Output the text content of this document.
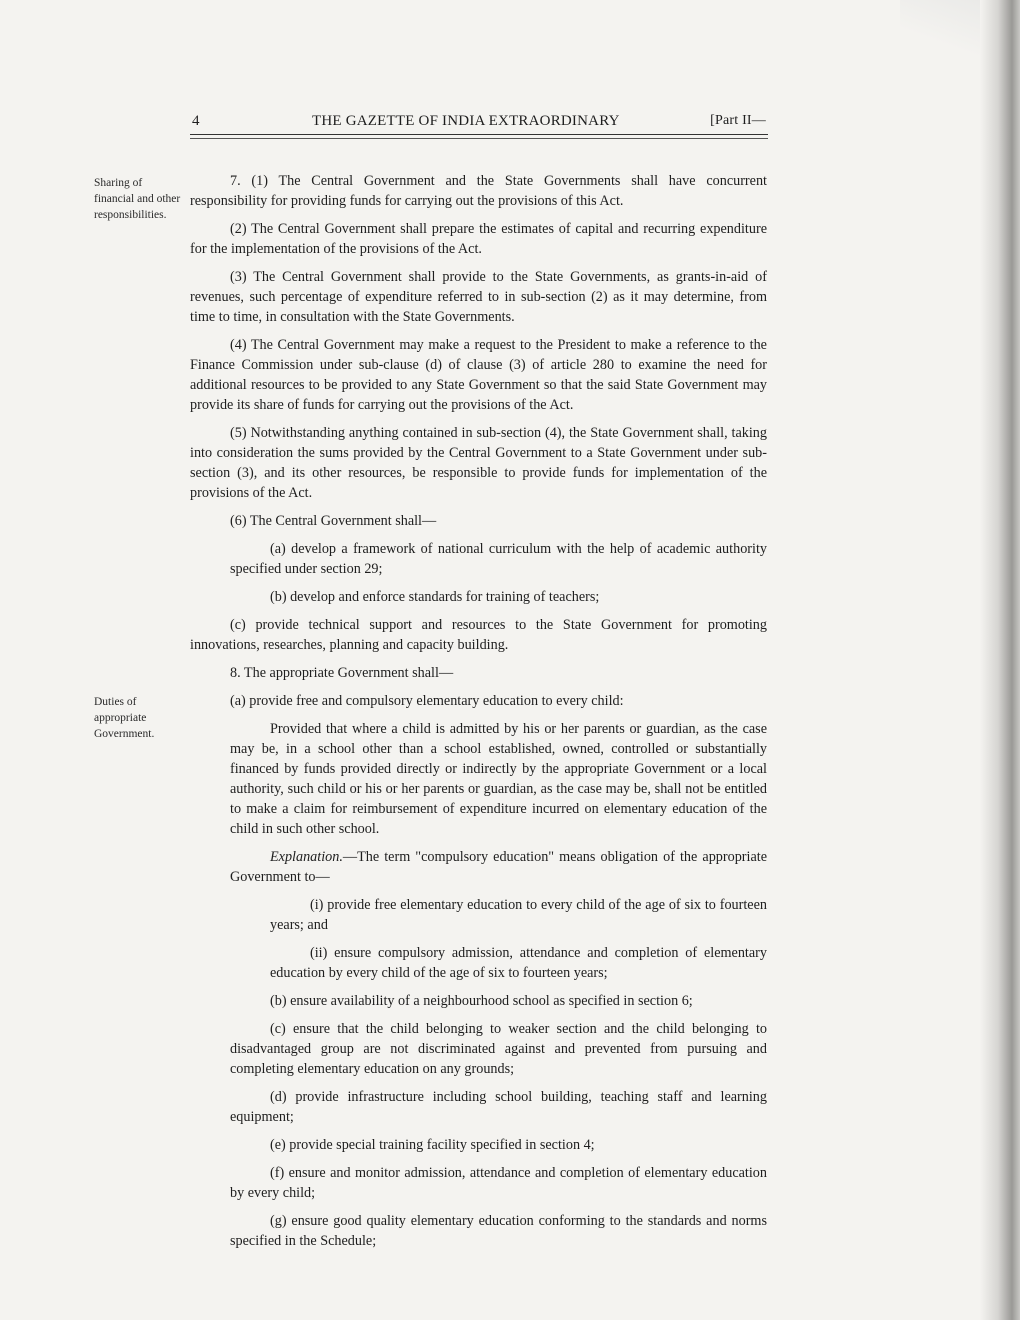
4	THE GAZETTE OF INDIA EXTRAORDINARY	[Part II—
Sharing of financial and other responsibilities.
Duties of appropriate Government.

7. (1) The Central Government and the State Governments shall have concurrent responsibility for providing funds for carrying out the provisions of this Act.

(2) The Central Government shall prepare the estimates of capital and recurring expenditure for the implementation of the provisions of the Act.

(3) The Central Government shall provide to the State Governments, as grants-in-aid of revenues, such percentage of expenditure referred to in sub-section (2) as it may determine, from time to time, in consultation with the State Governments.

(4) The Central Government may make a request to the President to make a reference to the Finance Commission under sub-clause (d) of clause (3) of article 280 to examine the need for additional resources to be provided to any State Government so that the said State Government may provide its share of funds for carrying out the provisions of the Act.

(5) Notwithstanding anything contained in sub-section (4), the State Government shall, taking into consideration the sums provided by the Central Government to a State Government under sub-section (3), and its other resources, be responsible to provide funds for implementation of the provisions of the Act.

(6) The Central Government shall—

(a) develop a framework of national curriculum with the help of academic authority specified under section 29;

(b) develop and enforce standards for training of teachers;

(c) provide technical support and resources to the State Government for promoting innovations, researches, planning and capacity building.

8. The appropriate Government shall—

(a) provide free and compulsory elementary education to every child:

Provided that where a child is admitted by his or her parents or guardian, as the case may be, in a school other than a school established, owned, controlled or substantially financed by funds provided directly or indirectly by the appropriate Government or a local authority, such child or his or her parents or guardian, as the case may be, shall not be entitled to make a claim for reimbursement of expenditure incurred on elementary education of the child in such other school.

Explanation.—The term "compulsory education" means obligation of the appropriate Government to—

(i) provide free elementary education to every child of the age of six to fourteen years; and

(ii) ensure compulsory admission, attendance and completion of elementary education by every child of the age of six to fourteen years;

(b) ensure availability of a neighbourhood school as specified in section 6;

(c) ensure that the child belonging to weaker section and the child belonging to disadvantaged group are not discriminated against and prevented from pursuing and completing elementary education on any grounds;

(d) provide infrastructure including school building, teaching staff and learning equipment;

(e) provide special training facility specified in section 4;

(f) ensure and monitor admission, attendance and completion of elementary education by every child;

(g) ensure good quality elementary education conforming to the standards and norms specified in the Schedule;
